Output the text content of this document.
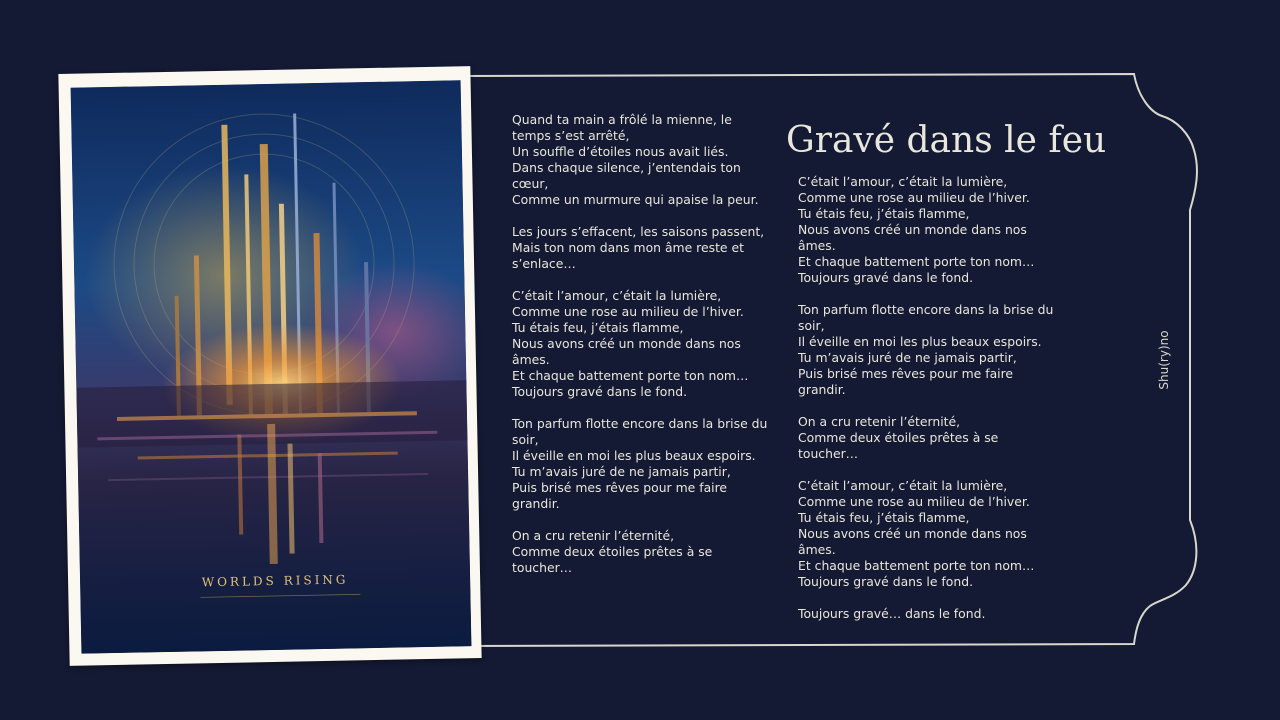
WORLDS RISING
Quand ta main a frôlé la mienne, le temps s’est arrêté,
Un souffle d’étoiles nous avait liés.
Dans chaque silence, j’entendais ton cœur,
Comme un murmure qui apaise la peur.

Les jours s’effacent, les saisons passent,
Mais ton nom dans mon âme reste et s’enlace…

C’était l’amour, c’était la lumière,
Comme une rose au milieu de l’hiver.
Tu étais feu, j’étais flamme,
Nous avons créé un monde dans nos âmes.
Et chaque battement porte ton nom…
Toujours gravé dans le fond.

Ton parfum flotte encore dans la brise du soir,
Il éveille en moi les plus beaux espoirs.
Tu m’avais juré de ne jamais partir,
Puis brisé mes rêves pour me faire grandir.

On a cru retenir l’éternité,
Comme deux étoiles prêtes à se toucher…
Gravé dans le feu
C’était l’amour, c’était la lumière,
Comme une rose au milieu de l’hiver.
Tu étais feu, j’étais flamme,
Nous avons créé un monde dans nos âmes.
Et chaque battement porte ton nom…
Toujours gravé dans le fond.

Ton parfum flotte encore dans la brise du soir,
Il éveille en moi les plus beaux espoirs.
Tu m’avais juré de ne jamais partir,
Puis brisé mes rêves pour me faire grandir.

On a cru retenir l’éternité,
Comme deux étoiles prêtes à se toucher…

C’était l’amour, c’était la lumière,
Comme une rose au milieu de l’hiver.
Tu étais feu, j’étais flamme,
Nous avons créé un monde dans nos âmes.
Et chaque battement porte ton nom…
Toujours gravé dans le fond.

Toujours gravé… dans le fond.
Shu(ry)no
